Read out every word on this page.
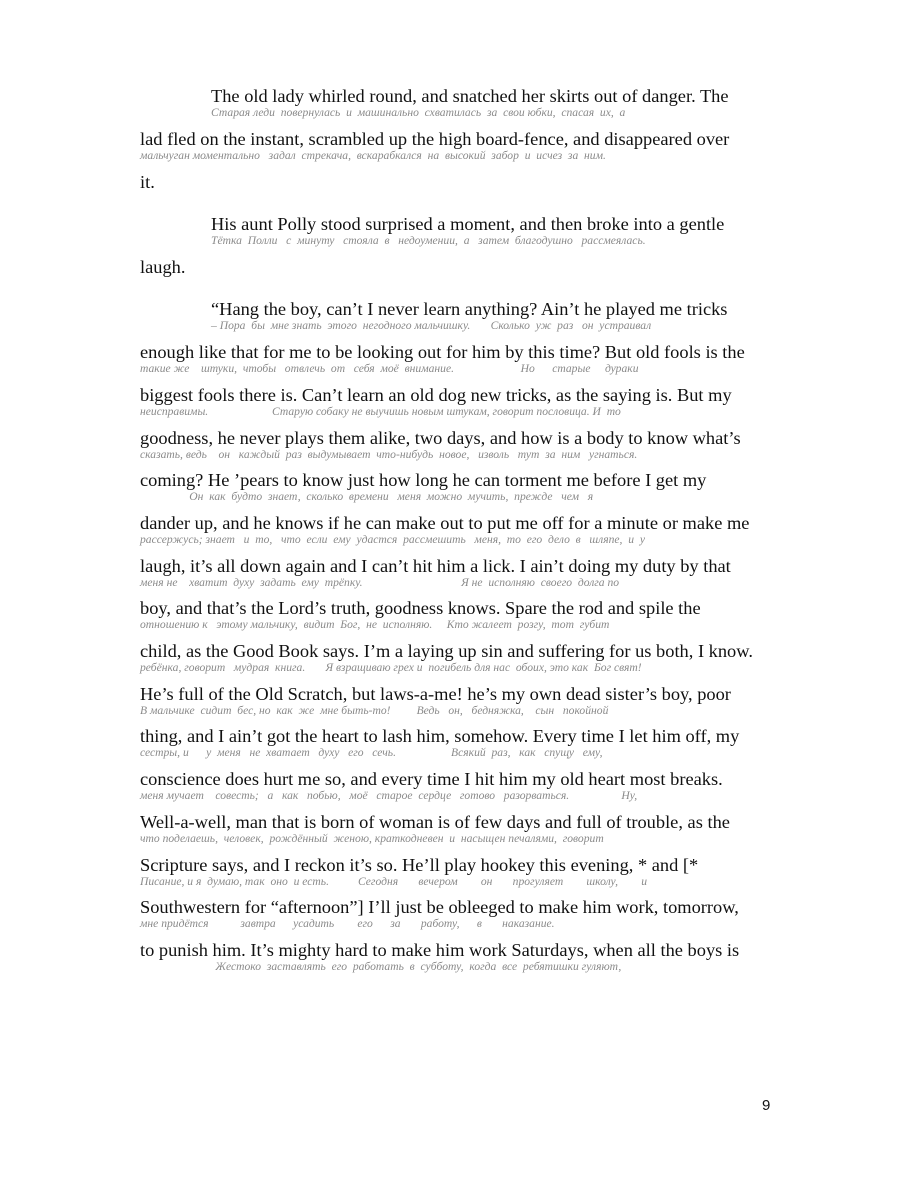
The old lady whirled round, and snatched her skirts out of danger. The
Старая леди  повернулась  и  машинально  схватилась  за  свои юбки,  спасая  их,  а
lad fled on the instant, scrambled up the high board-fence, and disappeared over
мальчуган моментально   задал  стрекача,  вскарабкался  на  высокий  забор  и  исчез  за  ним.
it.
His aunt Polly stood surprised a moment, and then broke into a gentle
Тётка  Полли   с  минуту   стояла  в   недоумении,  а   затем  благодушно   рассмеялась.
laugh.
“Hang the boy, can’t I never learn anything? Ain’t he played me tricks
– Пора  бы  мне знать  этого  негодного мальчишку.       Сколько  уж  раз   он  устраивал
enough like that for me to be looking out for him by this time? But old fools is the
такие же    штуки,  чтобы   отвлечь  от   себя  моё  внимание.                       Но      старые     дураки
biggest fools there is. Can’t learn an old dog new tricks, as the saying is. But my
неисправимы.                      Старую собаку не выучишь новым штукам, говорит пословица. И  то
goodness, he never plays them alike, two days, and how is a body to know what’s
сказать, ведь    он   каждый  раз  выдумывает  что-нибудь  новое,   изволь   тут  за  ним   угнаться.
coming? He ’pears to know just how long he can torment me before I get my
Он  как  будто  знает,  сколько  времени   меня  можно  мучить,  прежде   чем   я
dander up, and he knows if he can make out to put me off for a minute or make me
рассержусь; знает   и  то,   что  если  ему  удастся  рассмешить   меня,  то  его  дело  в   шляпе,  и  у
laugh, it’s all down again and I can’t hit him a lick. I ain’t doing my duty by that
меня не    хватит  духу  задать  ему  трёпку.                                  Я не  исполняю  своего  долга по
boy, and that’s the Lord’s truth, goodness knows. Spare the rod and spile the
отношению к   этому мальчику,  видит  Бог,  не  исполняю.     Кто жалеет  розгу,  тот  губит
child, as the Good Book says. I’m a laying up sin and suffering for us both, I know.
ребёнка, говорит   мудрая  книга.       Я взращиваю грех и  погибель для нас  обоих, это как  Бог свят!
He’s full of the Old Scratch, but laws-a-me! he’s my own dead sister’s boy, poor
В мальчике  сидит  бес, но  как  же  мне быть-то!         Ведь   он,   бедняжка,    сын   покойной
thing, and I ain’t got the heart to lash him, somehow. Every time I let him off, my
сестры, и      у  меня   не  хватает   духу   его   сечь.                   Всякий  раз,   как   спущу   ему,
conscience does hurt me so, and every time I hit him my old heart most breaks.
меня мучает    совесть;   а   как   побью,   моё   старое  сердце   готово   разорваться.                  Ну,
Well-a-well, man that is born of woman is of few days and full of trouble, as the
что поделаешь,  человек,  рождённый  женою, краткодневен  и  насыщен печалями,  говорит
Scripture says, and I reckon it’s so. He’ll play hookey this evening, * and [*
Писание, и я  думаю, так  оно  и есть.          Сегодня       вечером        он       прогуляет        школу,        и
Southwestern for “afternoon”] I’ll just be obleeged to make him work, tomorrow,
мне придётся           завтра      усадить        его      за       работу,      в       наказание.
to punish him. It’s mighty hard to make him work Saturdays, when all the boys is
Жестоко  заставлять  его  работать  в  субботу,  когда  все  ребятишки гуляют,
9
